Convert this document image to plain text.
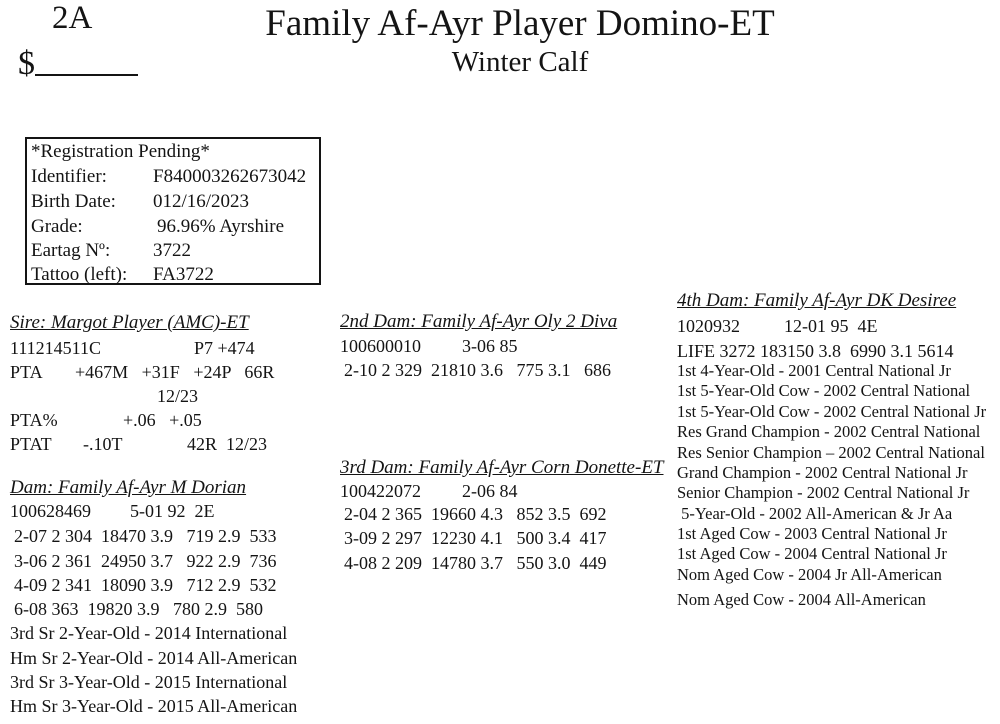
2A
$
Family Af-Ayr Player Domino-ET
Winter Calf
*Registration Pending*
Identifier: F840003262673042
Birth Date: 012/16/2023
Grade:	96.96% Ayrshire
Eartag Nº: 3722
Tattoo (left): FA3722
Sire: Margot Player (AMC)-ET
111214511C	P7 +474
PTA +467M   +31F   +24P   66R
12/23
PTA%	+.06   +.05
PTAT -.10T	42R  12/23
Dam: Family Af-Ayr M Dorian
100628469 5-01 92  2E
2-07 2 304  18470 3.9   719 2.9  533
3-06 2 361  24950 3.7   922 2.9  736
4-09 2 341  18090 3.9   712 2.9  532
6-08 363  19820 3.9   780 2.9  580
3rd Sr 2-Year-Old - 2014 International
Hm Sr 2-Year-Old - 2014 All-American
3rd Sr 3-Year-Old - 2015 International
Hm Sr 3-Year-Old - 2015 All-American
2nd Dam: Family Af-Ayr Oly 2 Diva
100600010 3-06 85
2-10 2 329  21810 3.6   775 3.1   686
3rd Dam: Family Af-Ayr Corn Donette-ET
100422072 2-06 84
2-04 2 365  19660 4.3   852 3.5  692
3-09 2 297  12230 4.1   500 3.4  417
4-08 2 209  14780 3.7   550 3.0  449
4th Dam: Family Af-Ayr DK Desiree
1020932 12-01 95  4E
LIFE 3272 183150 3.8  6990 3.1 5614
1st 4-Year-Old - 2001 Central National Jr
1st 5-Year-Old Cow - 2002 Central National
1st 5-Year-Old Cow - 2002 Central National Jr
Res Grand Champion - 2002 Central National
Res Senior Champion – 2002 Central National
Grand Champion - 2002 Central National Jr
Senior Champion - 2002 Central National Jr
5-Year-Old - 2002 All-American & Jr Aa
1st Aged Cow - 2003 Central National Jr
1st Aged Cow - 2004 Central National Jr
Nom Aged Cow - 2004 Jr All-American
Nom Aged Cow - 2004 All-American
